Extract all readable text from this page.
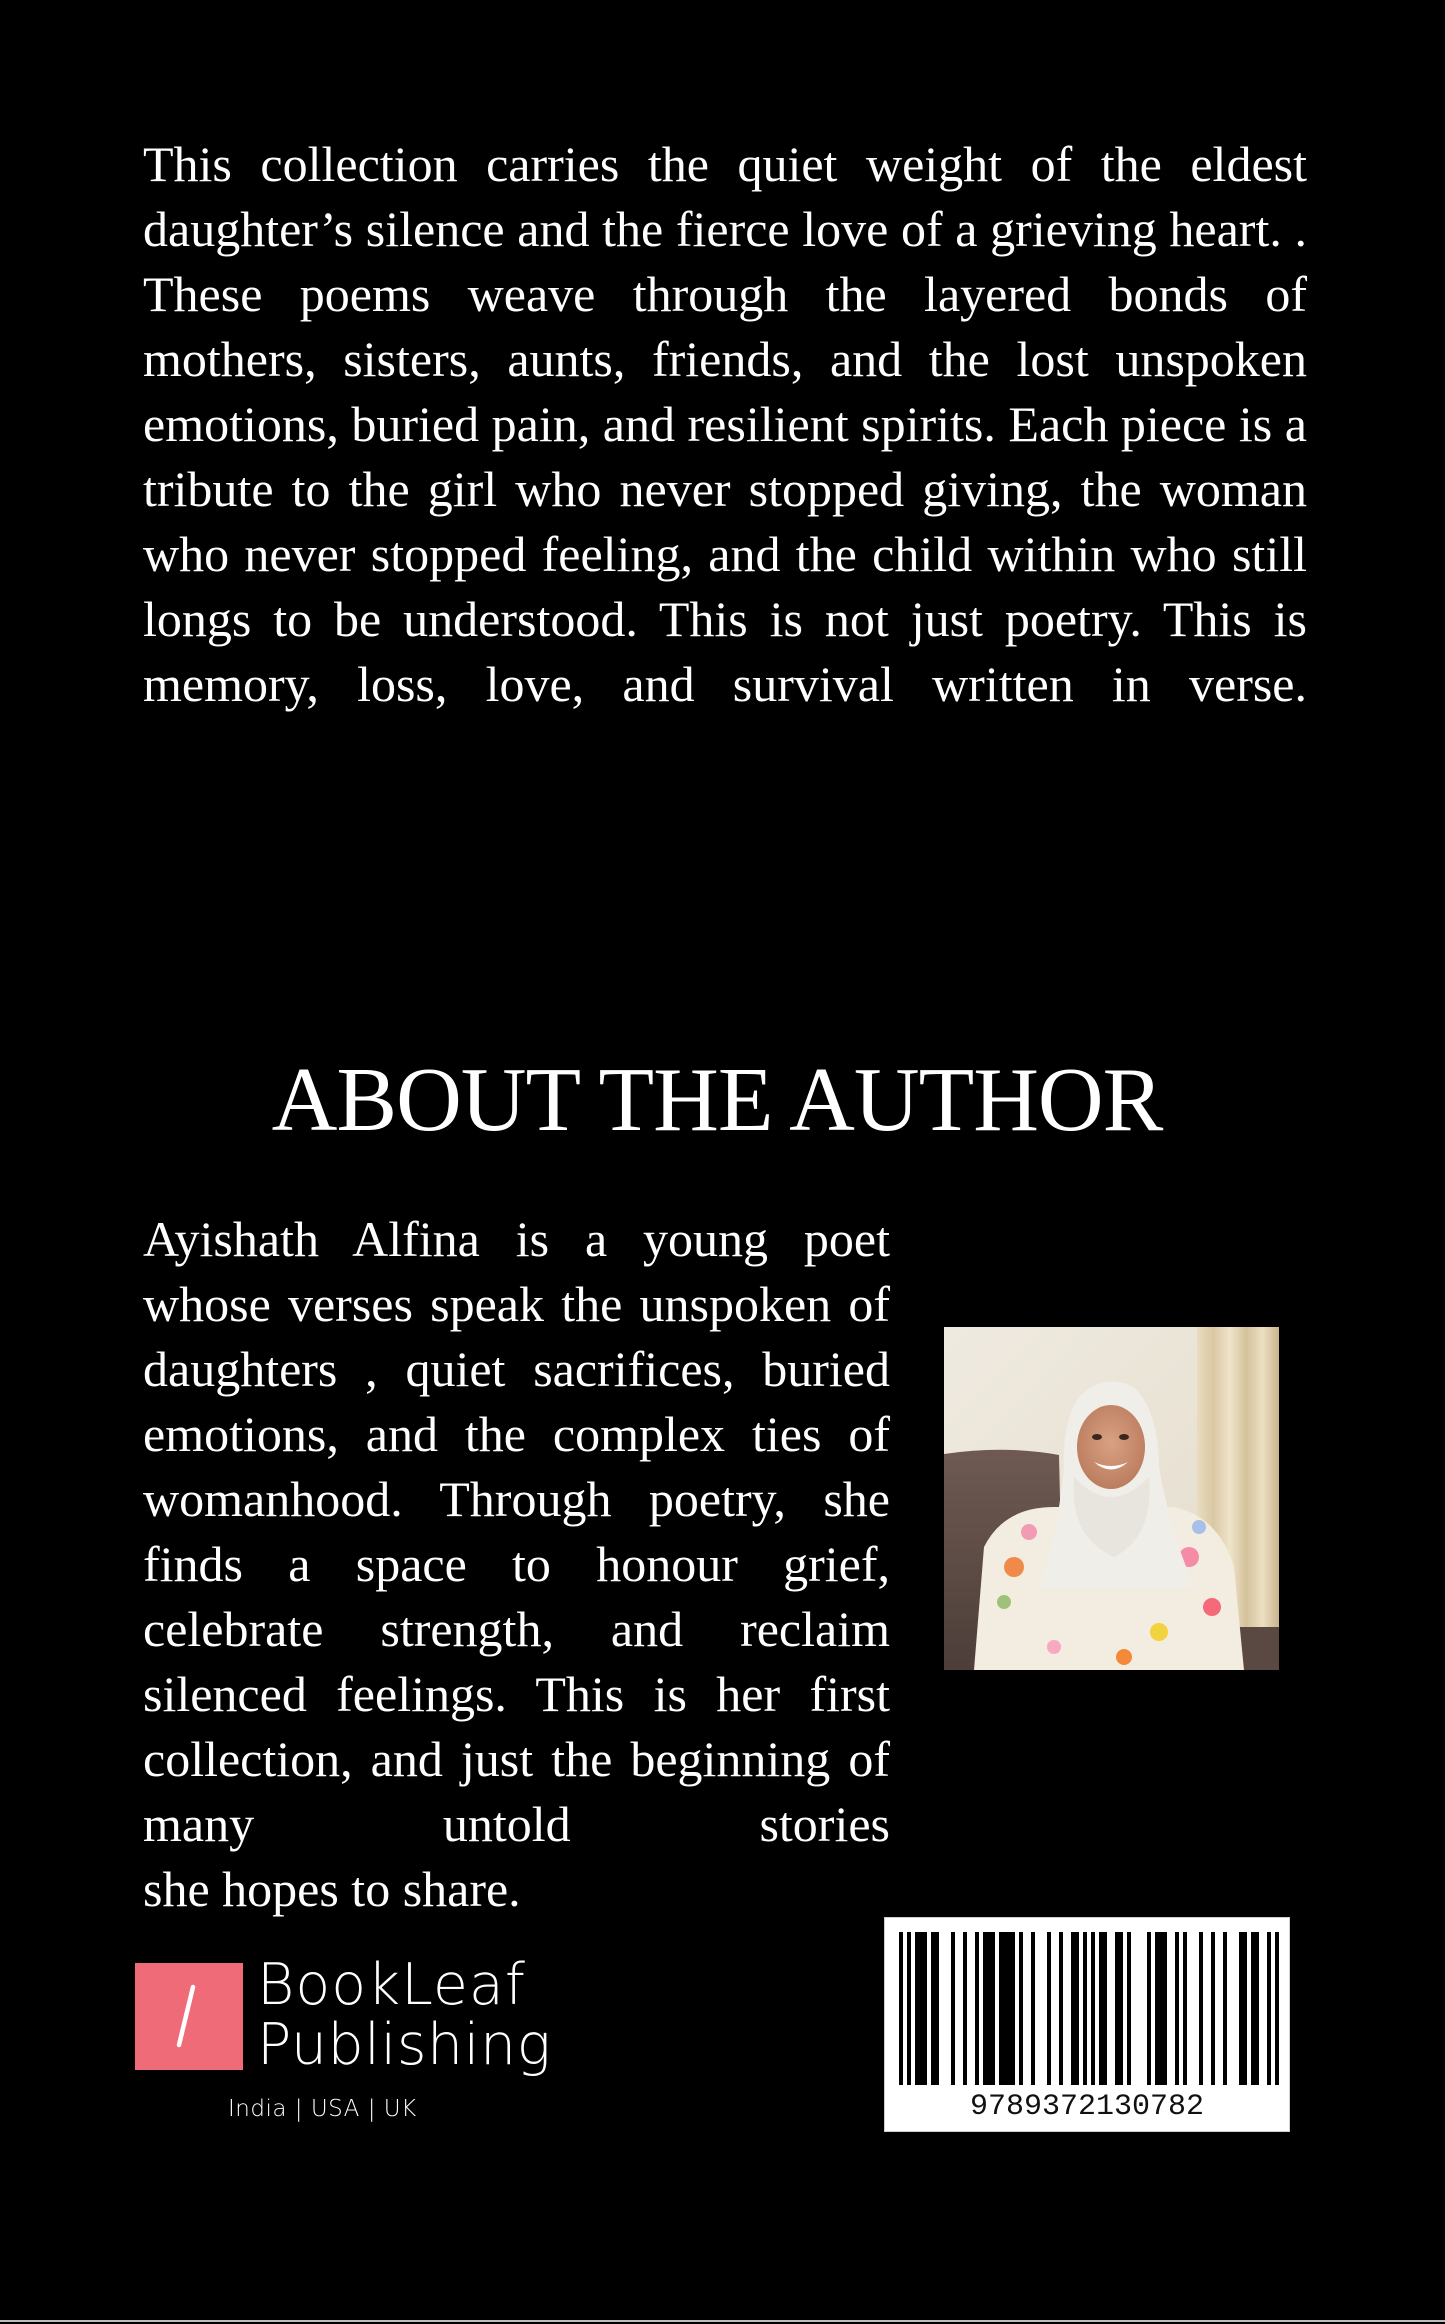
This collection carries the quiet weight of the eldest
daughter’s silence and the fierce love of a grieving heart. .
These poems weave through the layered bonds of
mothers, sisters, aunts, friends, and the lost unspoken
emotions, buried pain, and resilient spirits. Each piece is a
tribute to the girl who never stopped giving, the woman
who never stopped feeling, and the child within who still
longs to be understood. This is not just poetry. This is
memory, loss, love, and survival written in verse.
ABOUT THE AUTHOR
Ayishath Alfina is a young poet
whose verses speak the unspoken of
daughters , quiet sacrifices, buried
emotions, and the complex ties of
womanhood. Through poetry, she
finds a space to honour grief,
celebrate strength, and reclaim
silenced feelings. This is her first
collection, and just the beginning of
many untold stories
she hopes to share.
BookLeaf
Publishing
India | USA | UK	9789372130782
